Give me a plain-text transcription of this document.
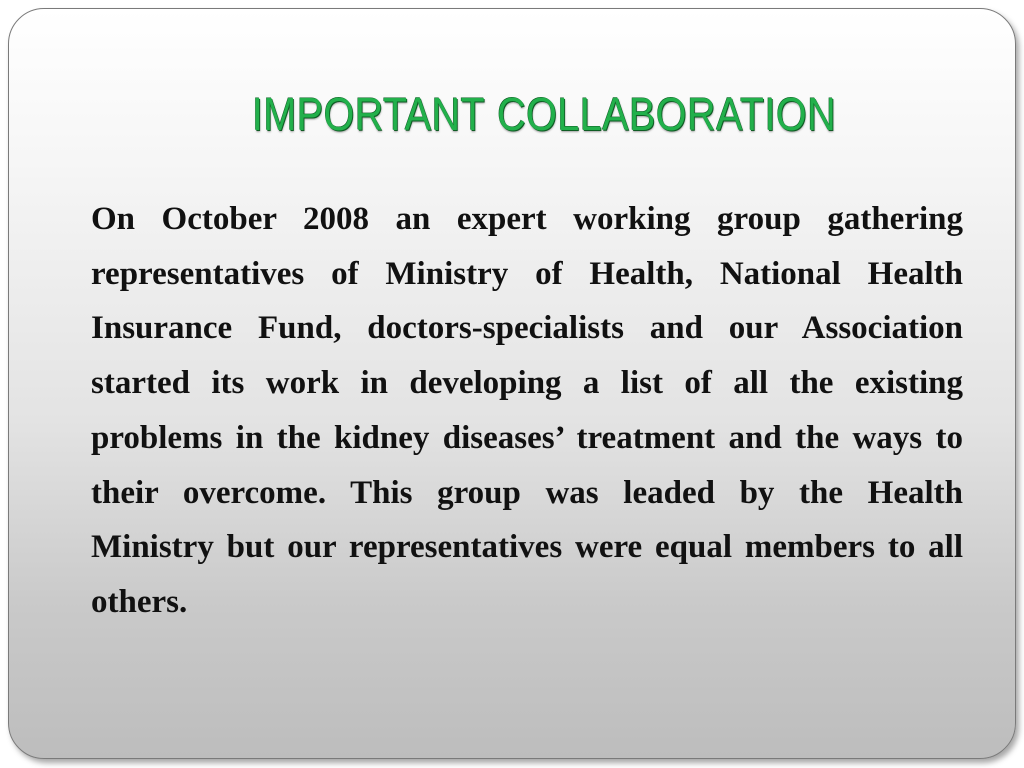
IMPORTANT COLLABORATION

On October 2008 an expert working group gathering representatives of Ministry of Health, National Health Insurance Fund, doctors-specialists and our Association started its work in developing a list of all the existing problems in the kidney diseases’ treatment and the ways to their overcome. This group was leaded by the Health Ministry but our representatives were equal members to all others.
